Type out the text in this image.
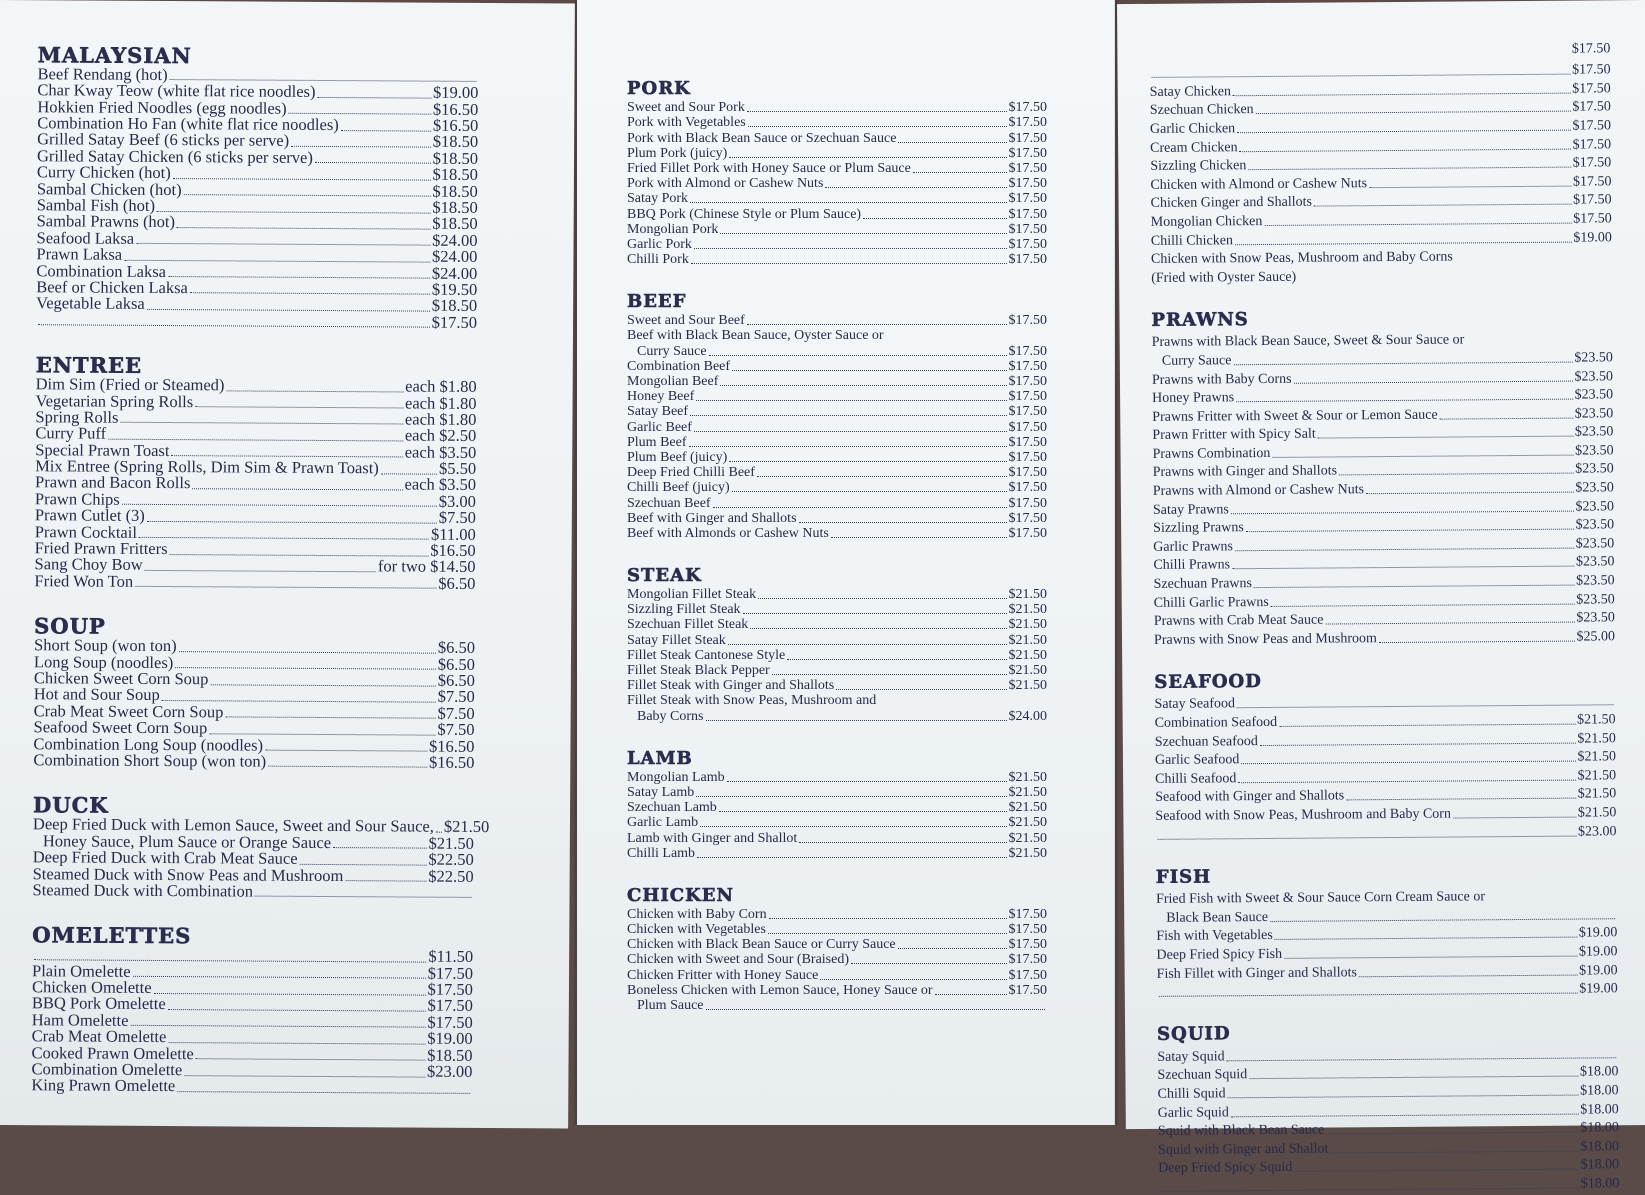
MALAYSIAN
Beef Rendang (hot)
Char Kway Teow (white flat rice noodles)	$19.00
Hokkien Fried Noodles (egg noodles)	$16.50
Combination Ho Fan (white flat rice noodles)	$16.50
Grilled Satay Beef (6 sticks per serve)	$18.50
Grilled Satay Chicken (6 sticks per serve)	$18.50
Curry Chicken (hot)	$18.50
Sambal Chicken (hot)	$18.50
Sambal Fish (hot)	$18.50
Sambal Prawns (hot)	$18.50
Seafood Laksa	$24.00
Prawn Laksa	$24.00
Combination Laksa	$24.00
Beef or Chicken Laksa	$19.50
Vegetable Laksa	$18.50
$17.50
ENTREE
Dim Sim (Fried or Steamed)	each $1.80
Vegetarian Spring Rolls	each $1.80
Spring Rolls	each $1.80
Curry Puff	each $2.50
Special Prawn Toast	each $3.50
Mix Entree (Spring Rolls, Dim Sim & Prawn Toast)	$5.50
Prawn and Bacon Rolls	each $3.50
Prawn Chips	$3.00
Prawn Cutlet (3)	$7.50
Prawn Cocktail	$11.00
Fried Prawn Fritters	$16.50
Sang Choy Bow	for two $14.50
Fried Won Ton	$6.50
SOUP
Short Soup (won ton)	$6.50
Long Soup (noodles)	$6.50
Chicken Sweet Corn Soup	$6.50
Hot and Sour Soup	$7.50
Crab Meat Sweet Corn Soup	$7.50
Seafood Sweet Corn Soup	$7.50
Combination Long Soup (noodles)	$16.50
Combination Short Soup (won ton)	$16.50
DUCK
Deep Fried Duck with Lemon Sauce, Sweet and Sour Sauce, $21.50
Honey Sauce, Plum Sauce or Orange Sauce	$21.50
Deep Fried Duck with Crab Meat Sauce	$22.50
Steamed Duck with Snow Peas and Mushroom	$22.50
Steamed Duck with Combination
OMELETTES
$11.50
Plain Omelette	$17.50
Chicken Omelette	$17.50
BBQ Pork Omelette	$17.50
Ham Omelette	$17.50
Crab Meat Omelette	$19.00
Cooked Prawn Omelette	$18.50
Combination Omelette	$23.00
King Prawn Omelette
PORK
Sweet and Sour Pork	$17.50
Pork with Vegetables	$17.50
Pork with Black Bean Sauce or Szechuan Sauce	$17.50
Plum Pork (juicy)	$17.50
Fried Fillet Pork with Honey Sauce or Plum Sauce	$17.50
Pork with Almond or Cashew Nuts	$17.50
Satay Pork	$17.50
BBQ Pork (Chinese Style or Plum Sauce)	$17.50
Mongolian Pork	$17.50
Garlic Pork	$17.50
Chilli Pork	$17.50
BEEF
Sweet and Sour Beef	$17.50
Beef with Black Bean Sauce, Oyster Sauce or
Curry Sauce	$17.50
Combination Beef	$17.50
Mongolian Beef	$17.50
Honey Beef	$17.50
Satay Beef	$17.50
Garlic Beef	$17.50
Plum Beef	$17.50
Plum Beef (juicy)	$17.50
Deep Fried Chilli Beef	$17.50
Chilli Beef (juicy)	$17.50
Szechuan Beef	$17.50
Beef with Ginger and Shallots	$17.50
Beef with Almonds or Cashew Nuts	$17.50
STEAK
Mongolian Fillet Steak	$21.50
Sizzling Fillet Steak	$21.50
Szechuan Fillet Steak	$21.50
Satay Fillet Steak	$21.50
Fillet Steak Cantonese Style	$21.50
Fillet Steak Black Pepper	$21.50
Fillet Steak with Ginger and Shallots	$21.50
Fillet Steak with Snow Peas, Mushroom and
Baby Corns	$24.00
LAMB
Mongolian Lamb	$21.50
Satay Lamb	$21.50
Szechuan Lamb	$21.50
Garlic Lamb	$21.50
Lamb with Ginger and Shallot	$21.50
Chilli Lamb	$21.50
CHICKEN
Chicken with Baby Corn	$17.50
Chicken with Vegetables	$17.50
Chicken with Black Bean Sauce or Curry Sauce	$17.50
Chicken with Sweet and Sour (Braised)	$17.50
Chicken Fritter with Honey Sauce	$17.50
Boneless Chicken with Lemon Sauce, Honey Sauce or	$17.50
Plum Sauce
$17.50
$17.50
Satay Chicken	$17.50
Szechuan Chicken	$17.50
Garlic Chicken	$17.50
Cream Chicken	$17.50
Sizzling Chicken	$17.50
Chicken with Almond or Cashew Nuts	$17.50
Chicken Ginger and Shallots	$17.50
Mongolian Chicken	$17.50
Chilli Chicken	$19.00
Chicken with Snow Peas, Mushroom and Baby Corns
(Fried with Oyster Sauce)
PRAWNS
Prawns with Black Bean Sauce, Sweet & Sour Sauce or
Curry Sauce	$23.50
Prawns with Baby Corns	$23.50
Honey Prawns	$23.50
Prawns Fritter with Sweet & Sour or Lemon Sauce	$23.50
Prawn Fritter with Spicy Salt	$23.50
Prawns Combination	$23.50
Prawns with Ginger and Shallots	$23.50
Prawns with Almond or Cashew Nuts	$23.50
Satay Prawns	$23.50
Sizzling Prawns	$23.50
Garlic Prawns	$23.50
Chilli Prawns	$23.50
Szechuan Prawns	$23.50
Chilli Garlic Prawns	$23.50
Prawns with Crab Meat Sauce	$23.50
Prawns with Snow Peas and Mushroom	$25.00
SEAFOOD
Satay Seafood
Combination Seafood	$21.50
Szechuan Seafood	$21.50
Garlic Seafood	$21.50
Chilli Seafood	$21.50
Seafood with Ginger and Shallots	$21.50
Seafood with Snow Peas, Mushroom and Baby Corn	$21.50
$23.00
FISH
Fried Fish with Sweet & Sour Sauce Corn Cream Sauce or
Black Bean Sauce
Fish with Vegetables	$19.00
Deep Fried Spicy Fish	$19.00
Fish Fillet with Ginger and Shallots	$19.00
$19.00
SQUID
Satay Squid
Szechuan Squid	$18.00
Chilli Squid	$18.00
Garlic Squid	$18.00
Squid with Black Bean Sauce	$18.00
Squid with Ginger and Shallot	$18.00
Deep Fried Spicy Squid	$18.00
$18.00
